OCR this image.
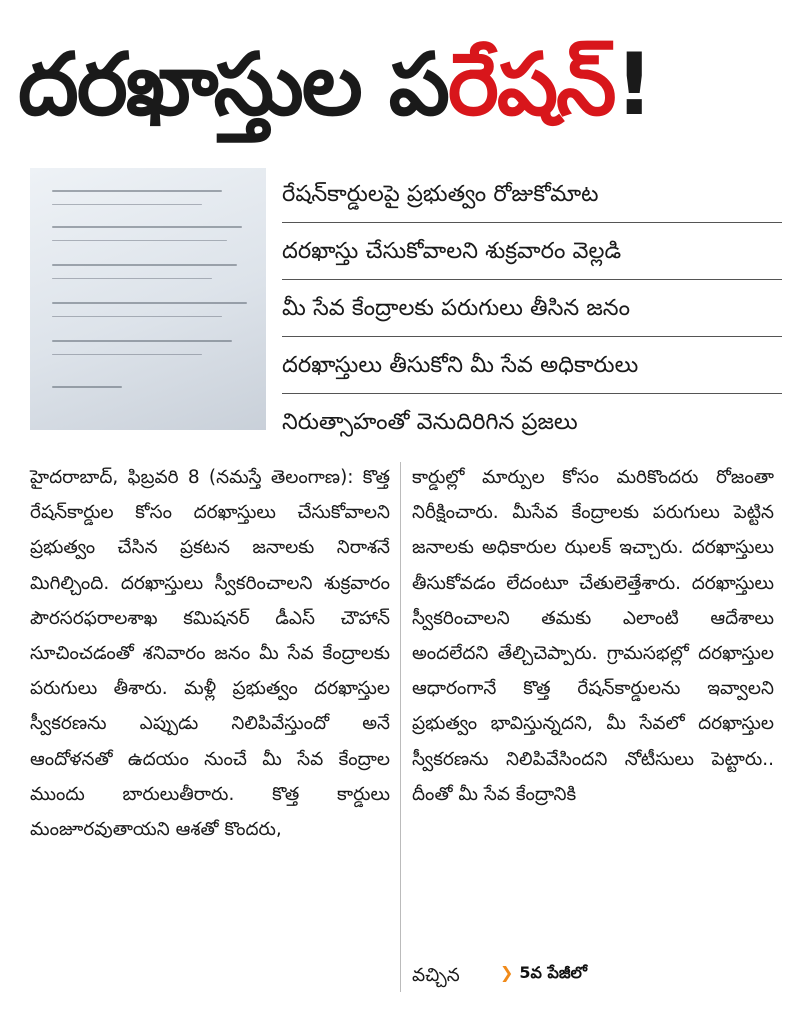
దరఖాస్తుల పరేషన్!
రేషన్‌కార్డులపై ప్రభుత్వం రోజుకోమాట
దరఖాస్తు చేసుకోవాలని శుక్రవారం వెల్లడి
మీ సేవ కేంద్రాలకు పరుగులు తీసిన జనం
దరఖాస్తులు తీసుకోని మీ సేవ అధికారులు
నిరుత్సాహంతో వెనుదిరిగిన ప్రజలు

హైదరాబాద్, ఫిబ్రవరి 8 (నమస్తే తెలంగాణ): కొత్త రేషన్‌కార్డుల కోసం దరఖాస్తులు చేసుకోవాలని ప్రభుత్వం చేసిన ప్రకటన జనాలకు నిరాశనే మిగిల్చింది. దరఖాస్తులు స్వీకరించాలని శుక్రవారం పౌరసరఫరాలశాఖ కమిషనర్ డీఎస్ చౌహాన్ సూచించడంతో శనివారం జనం మీ సేవ కేంద్రాలకు పరుగులు తీశారు. మళ్లీ ప్రభుత్వం దరఖాస్తుల స్వీకరణను ఎప్పుడు నిలిపివేస్తుందో అనే ఆందోళనతో ఉదయం నుంచే మీ సేవ కేంద్రాల ముందు బారులుతీరారు. కొత్త కార్డులు మంజూరవుతాయని ఆశతో కొందరు,

కార్డుల్లో మార్పుల కోసం మరికొందరు రోజంతా నిరీక్షించారు. మీసేవ కేంద్రాలకు పరుగులు పెట్టిన జనాలకు అధికారుల ఝలక్ ఇచ్చారు. దరఖాస్తులు తీసుకోవడం లేదంటూ చేతులెత్తేశారు. దరఖాస్తులు స్వీకరించాలని తమకు ఎలాంటి ఆదేశాలు అందలేదని తేల్చిచెప్పారు. గ్రామసభల్లో దరఖాస్తుల ఆధారంగానే కొత్త రేషన్‌కార్డులను ఇవ్వాలని ప్రభుత్వం భావిస్తున్నదని, మీ సేవలో దరఖాస్తుల స్వీకరణను నిలిపివేసిందని నోటీసులు పెట్టారు.. దీంతో మీ సేవ కేంద్రానికి

వచ్చిన	❯ 5వ పేజీలో
